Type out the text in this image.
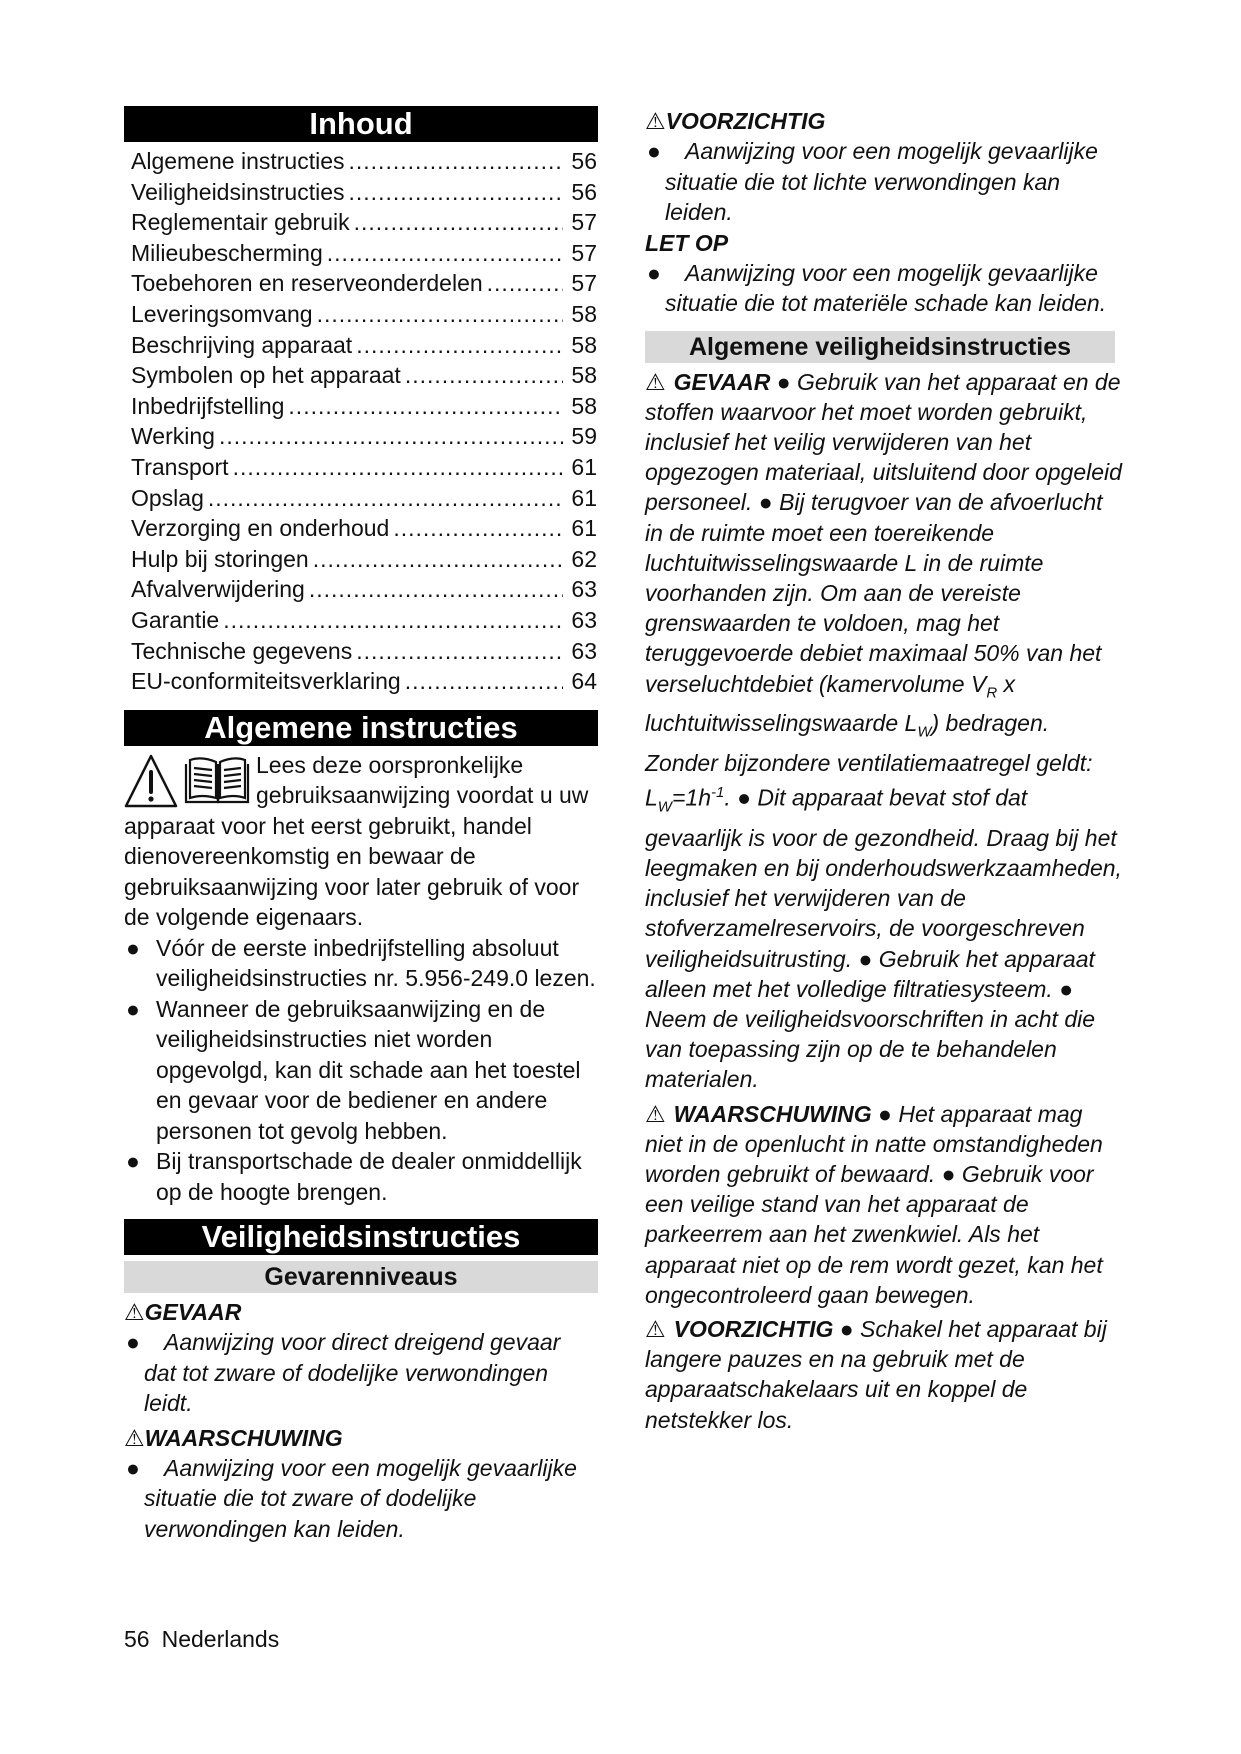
Inhoud
Algemene instructies .....	56
Veiligheidsinstructies .....	56
Reglementair gebruik .....	57
Milieubescherming .....	57
Toebehoren en reserveonderdelen .....	57
Leveringsomvang .....	58
Beschrijving apparaat .....	58
Symbolen op het apparaat .....	58
Inbedrijfstelling .....	58
Werking .....	59
Transport .....	61
Opslag .....	61
Verzorging en onderhoud .....	61
Hulp bij storingen .....	62
Afvalverwijdering .....	63
Garantie .....	63
Technische gegevens .....	63
EU-conformiteitsverklaring .....	64
Algemene instructies

Lees deze oorspronkelijke gebruiksaanwijzing voordat u uw apparaat voor het eerst gebruikt, handel dienovereenkomstig en bewaar de gebruiksaanwijzing voor later gebruik of voor de volgende eigenaars.

● Vóór de eerste inbedrijfstelling absoluut veiligheidsinstructies nr. 5.956-249.0 lezen.
● Wanneer de gebruiksaanwijzing en de veiligheidsinstructies niet worden opgevolgd, kan dit schade aan het toestel en gevaar voor de bediener en andere personen tot gevolg hebben.
● Bij transportschade de dealer onmiddellijk op de hoogte brengen.
Veiligheidsinstructies
Gevarenniveaus
⚠GEVAAR
● Aanwijzing voor direct dreigend gevaar dat tot zware of dodelijke verwondingen leidt.
⚠WAARSCHUWING
● Aanwijzing voor een mogelijk gevaarlijke situatie die tot zware of dodelijke verwondingen kan leiden.
⚠VOORZICHTIG
● Aanwijzing voor een mogelijk gevaarlijke situatie die tot lichte verwondingen kan leiden.
LET OP
● Aanwijzing voor een mogelijk gevaarlijke situatie die tot materiële schade kan leiden.
Algemene veiligheidsinstructies

⚠ GEVAAR ● Gebruik van het apparaat en de stoffen waarvoor het moet worden gebruikt, inclusief het veilig verwijderen van het opgezogen materiaal, uitsluitend door opgeleid personeel. ● Bij terugvoer van de afvoerlucht in de ruimte moet een toereikende luchtuitwisselingswaarde L in de ruimte voorhanden zijn. Om aan de vereiste grenswaarden te voldoen, mag het teruggevoerde debiet maximaal 50% van het verseluchtdebiet (kamervolume $V_R$ x luchtuitwisselingswaarde $L_W$) bedragen. Zonder bijzondere ventilatiemaatregel geldt: $L_W=1h^{-1}$. ● Dit apparaat bevat stof dat gevaarlijk is voor de gezondheid. Draag bij het leegmaken en bij onderhoudswerkzaamheden, inclusief het verwijderen van de stofverzamelreservoirs, de voorgeschreven veiligheidsuitrusting. ● Gebruik het apparaat alleen met het volledige filtratiesysteem. ● Neem de veiligheidsvoorschriften in acht die van toepassing zijn op de te behandelen materialen.

⚠ WAARSCHUWING ● Het apparaat mag niet in de openlucht in natte omstandigheden worden gebruikt of bewaard. ● Gebruik voor een veilige stand van het apparaat de parkeerrem aan het zwenkwiel. Als het apparaat niet op de rem wordt gezet, kan het ongecontroleerd gaan bewegen.

⚠ VOORZICHTIG ● Schakel het apparaat bij langere pauzes en na gebruik met de apparaatschakelaars uit en koppel de netstekker los.

56 Nederlands
